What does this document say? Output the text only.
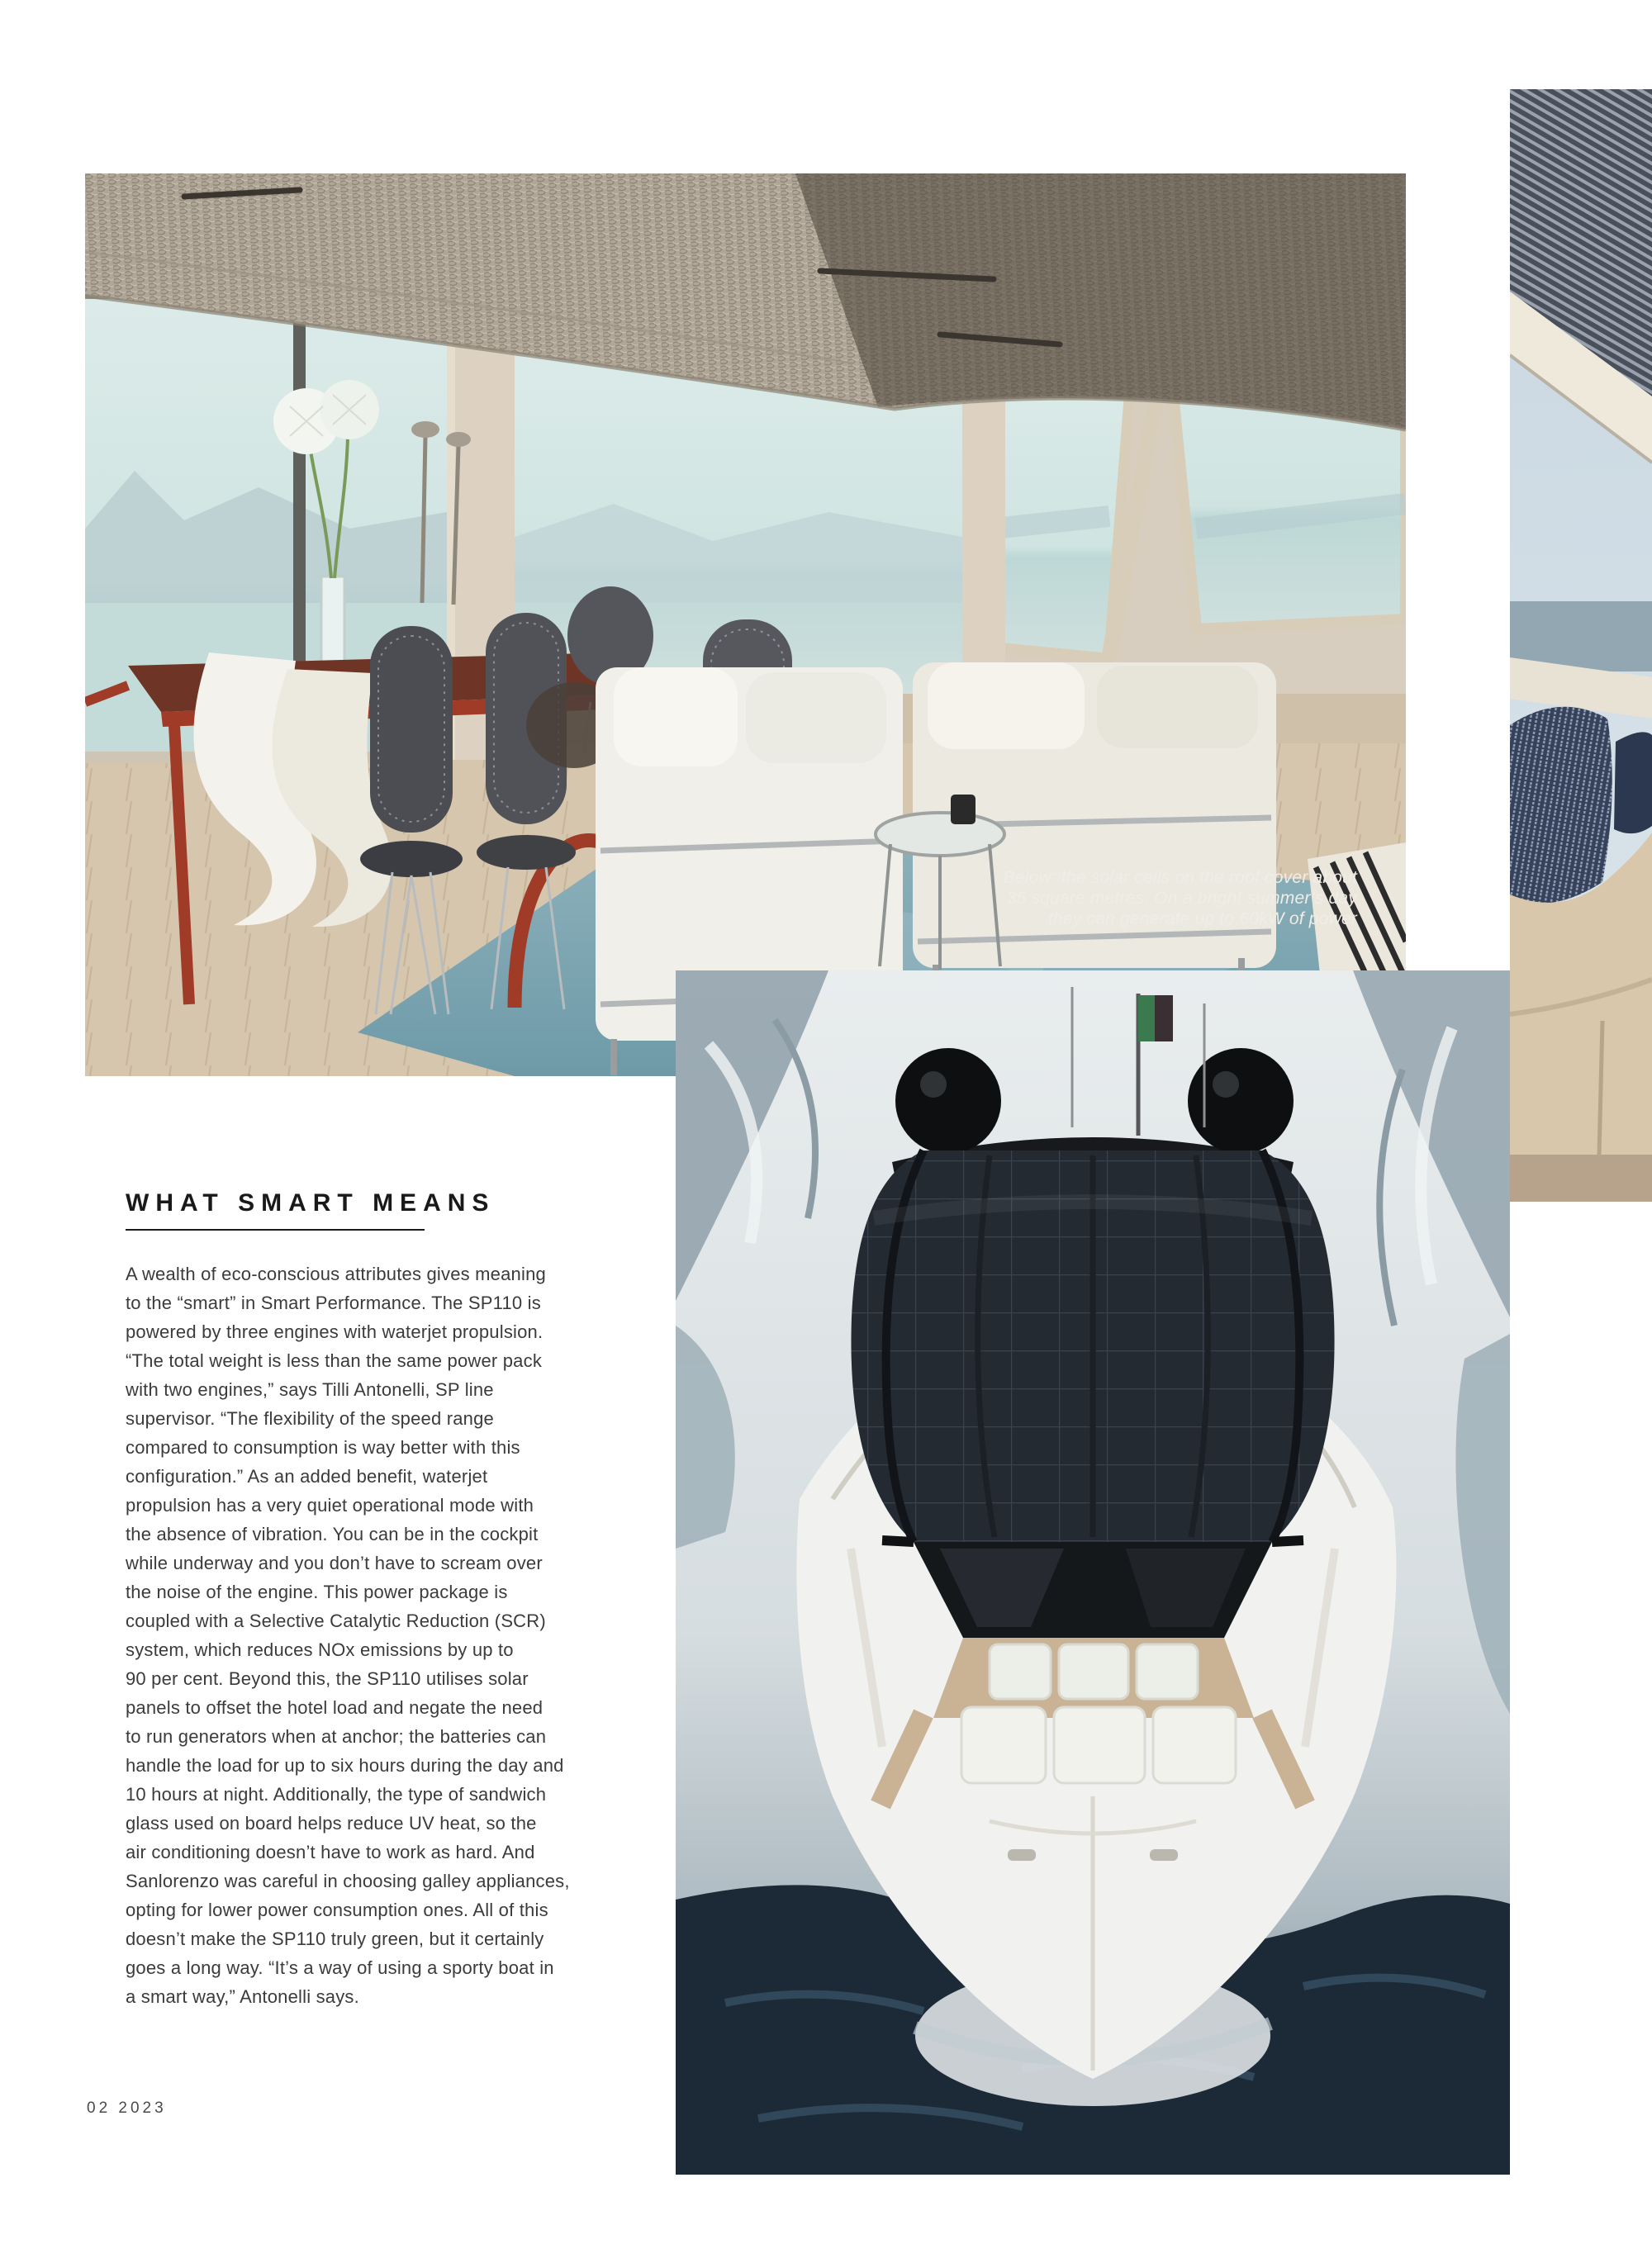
Below: the solar cells on the roof cover about
35 square metres. On a bright summer’s day
they can generate up to 60kW of power
WHAT SMART MEANS
A wealth of eco-conscious attributes gives meaning
to the “smart” in Smart Performance. The SP110 is
powered by three engines with waterjet propulsion.
“The total weight is less than the same power pack
with two engines,” says Tilli Antonelli, SP line
supervisor. “The flexibility of the speed range
compared to consumption is way better with this
configuration.” As an added benefit, waterjet
propulsion has a very quiet operational mode with
the absence of vibration. You can be in the cockpit
while underway and you don’t have to scream over
the noise of the engine. This power package is
coupled with a Selective Catalytic Reduction (SCR)
system, which reduces NOx emissions by up to
90 per cent. Beyond this, the SP110 utilises solar
panels to offset the hotel load and negate the need
to run generators when at anchor; the batteries can
handle the load for up to six hours during the day and
10 hours at night. Additionally, the type of sandwich
glass used on board helps reduce UV heat, so the
air conditioning doesn’t have to work as hard. And
Sanlorenzo was careful in choosing galley appliances,
opting for lower power consumption ones. All of this
doesn’t make the SP110 truly green, but it certainly
goes a long way. “It’s a way of using a sporty boat in
a smart way,” Antonelli says.
02 2023
